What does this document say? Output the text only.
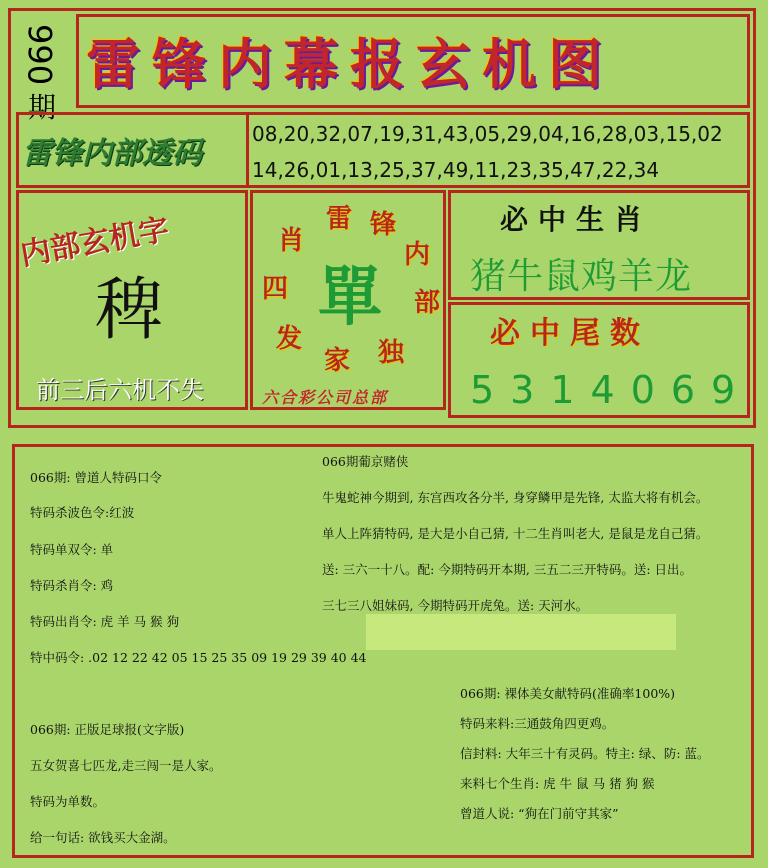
066
期
雷锋内幕报玄机图
雷锋内部透码
08,20,32,07,19,31,43,05,29,04,16,28,03,15,02
14,26,01,13,25,37,49,11,23,35,47,22,34
内部玄机字
稗
前三后六机不失
雷 锋
内
部
独
家
发
四
肖
單
六合彩公司总部
必中生肖
猪牛鼠鸡羊龙
必中尾数
5314069
066期: 曾道人特码口令
特码杀波色令:红波
特码单双令: 单
特码杀肖令: 鸡
特码出肖令: 虎 羊 马 猴 狗
特中码令: .02 12 22 42 05 15 25 35 09 19 29 39 40 44
066期: 正版足球报(文字版)
五女贺喜七匹龙,走三闯一是人家。
特码为单数。
给一句话: 欲钱买大金湖。
066期葡京赌侠
牛鬼蛇神今期到, 东宫西攻各分半, 身穿鳞甲是先锋, 太监大将有机会。
单人上阵猜特码, 是大是小自己猜, 十二生肖叫老大, 是鼠是龙自己猜。
送: 三六一十八。配: 今期特码开本期, 三五二三开特码。送: 日出。
三七三八姐妹码, 今期特码开虎兔。送: 天河水。
066期: 裸体美女献特码(准确率100%)
特码来料:三通鼓角四更鸡。
信封料: 大年三十有灵码。特主: 绿、防: 蓝。
来料七个生肖: 虎 牛 鼠 马 猪 狗 猴
曾道人说: “狗在门前守其家”
